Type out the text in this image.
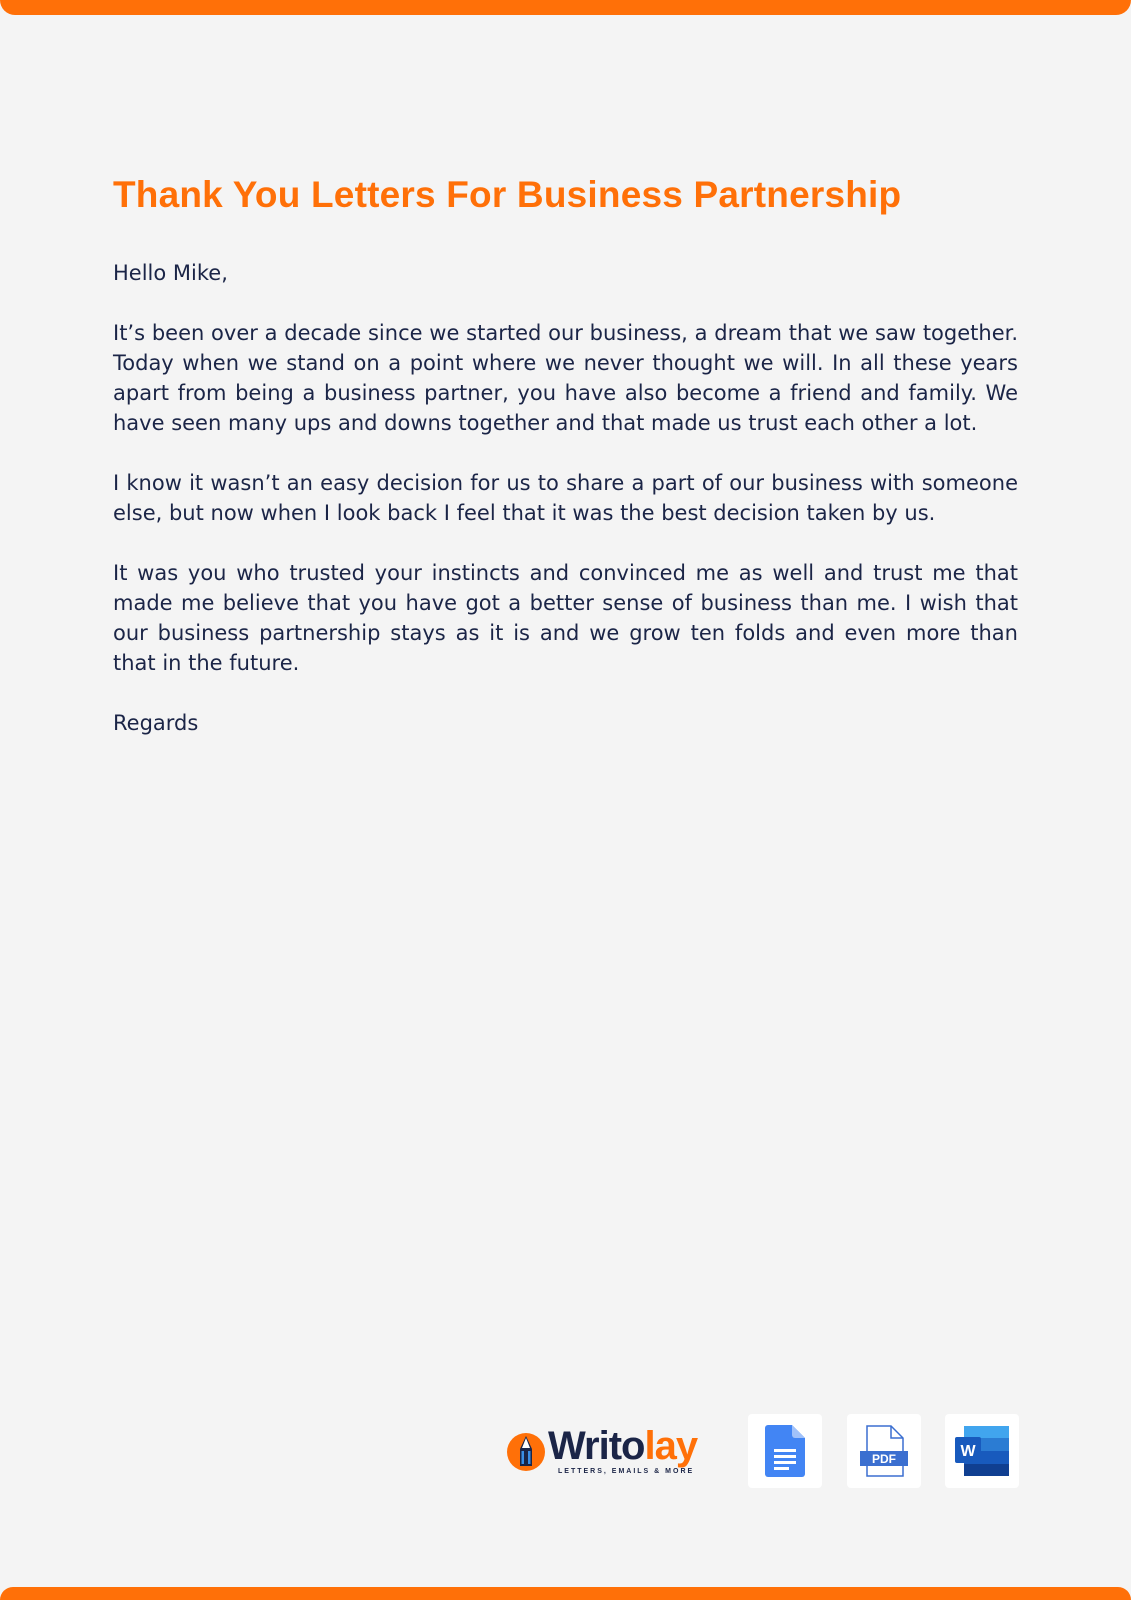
Thank You Letters For Business Partnership

Hello Mike,

It’s been over a decade since we started our business, a dream that we saw together. Today when we stand on a point where we never thought we will. In all these years apart from being a business partner, you have also become a friend and family. We have seen many ups and downs together and that made us trust each other a lot.

I know it wasn’t an easy decision for us to share a part of our business with someone else, but now when I look back I feel that it was the best decision taken by us.

It was you who trusted your instincts and convinced me as well and trust me that made me believe that you have got a better sense of business than me. I wish that our business partnership stays as it is and we grow ten folds and even more than that in the future.

Regards

Writolay
LETTERS, EMAILS & MORE
PDF	W
